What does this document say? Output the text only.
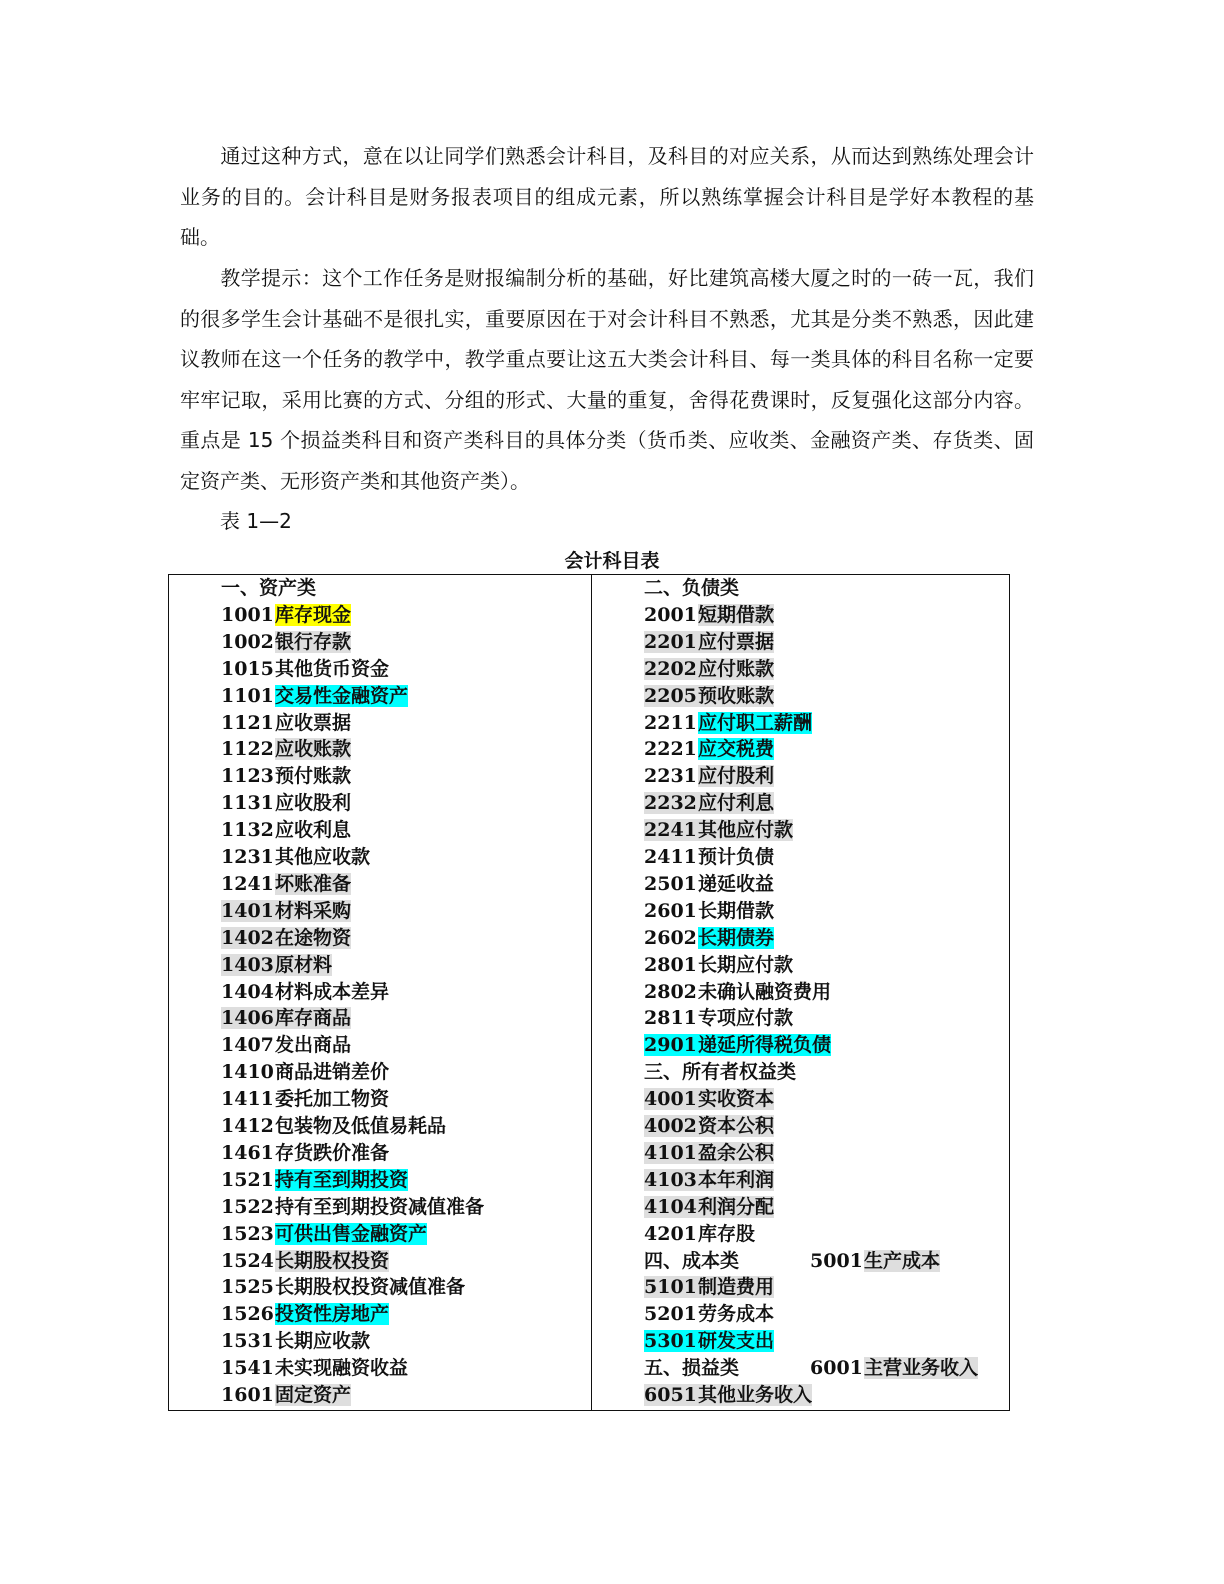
通过这种方式，意在以让同学们熟悉会计科目，及科目的对应关系，从而达到熟练处理会计业务的目的。会计科目是财务报表项目的组成元素，所以熟练掌握会计科目是学好本教程的基础。

教学提示：这个工作任务是财报编制分析的基础，好比建筑高楼大厦之时的一砖一瓦，我们的很多学生会计基础不是很扎实，重要原因在于对会计科目不熟悉，尤其是分类不熟悉，因此建议教师在这一个任务的教学中，教学重点要让这五大类会计科目、每一类具体的科目名称一定要牢牢记取，采用比赛的方式、分组的形式、大量的重复，舍得花费课时，反复强化这部分内容。重点是 15 个损益类科目和资产类科目的具体分类（货币类、应收类、金融资产类、存货类、固定资产类、无形资产类和其他资产类）。

表 1—2

会计科目表

一、资产类
1001库存现金
1002银行存款
1015其他货币资金
1101交易性金融资产
1121应收票据
1122应收账款
1123预付账款
1131应收股利
1132应收利息
1231其他应收款
1241坏账准备
1401材料采购
1402在途物资
1403原材料
1404材料成本差异
1406库存商品
1407发出商品
1410商品进销差价
1411委托加工物资
1412包装物及低值易耗品
1461存货跌价准备
1521持有至到期投资
1522持有至到期投资减值准备
1523可供出售金融资产
1524长期股权投资
1525长期股权投资减值准备
1526投资性房地产
1531长期应收款
1541未实现融资收益
1601固定资产
二、负债类
2001短期借款
2201应付票据
2202应付账款
2205预收账款
2211应付职工薪酬
2221应交税费
2231应付股利
2232应付利息
2241其他应付款
2411预计负债
2501递延收益
2601长期借款
2602长期债券
2801长期应付款
2802未确认融资费用
2811专项应付款
2901递延所得税负债
三、所有者权益类
4001实收资本
4002资本公积
4101盈余公积
4103本年利润
4104利润分配
4201库存股
四、成本类	5001生产成本
5101制造费用
5201劳务成本
5301研发支出
五、损益类	6001主营业务收入
6051其他业务收入
